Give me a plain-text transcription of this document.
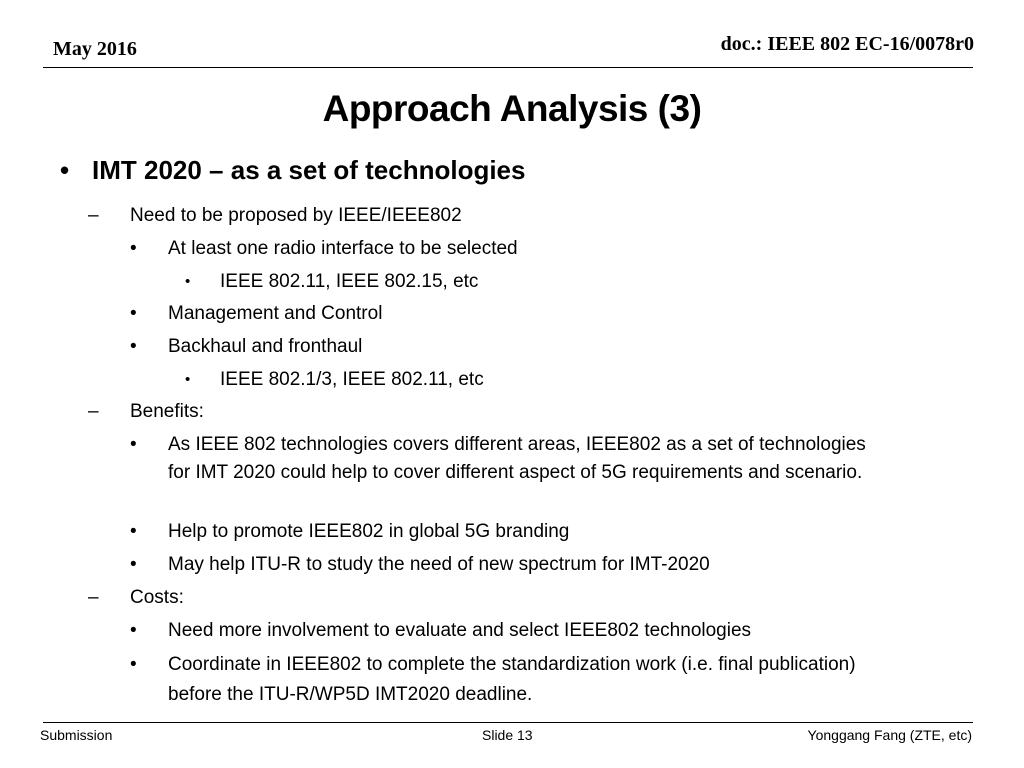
May 2016	doc.: IEEE 802 EC-16/0078r0
Approach Analysis (3)
• IMT 2020 – as a set of technologies
– Need to be proposed by IEEE/IEEE802
• At least one radio interface to be selected
• IEEE 802.11, IEEE 802.15, etc
• Management and Control
• Backhaul and fronthaul
• IEEE 802.1/3, IEEE 802.11, etc
– Benefits:
• As IEEE 802 technologies covers different areas, IEEE802 as a set of technologies for IMT 2020 could help to cover different aspect of 5G requirements and scenario.
• Help to promote IEEE802 in global 5G branding
• May help ITU-R to study the need of new spectrum for IMT-2020
– Costs:
• Need more involvement to evaluate and select IEEE802 technologies
• Coordinate in IEEE802 to complete the standardization work (i.e. final publication) before the ITU-R/WP5D IMT2020 deadline.
Submission	Slide 13	Yonggang Fang (ZTE, etc)
